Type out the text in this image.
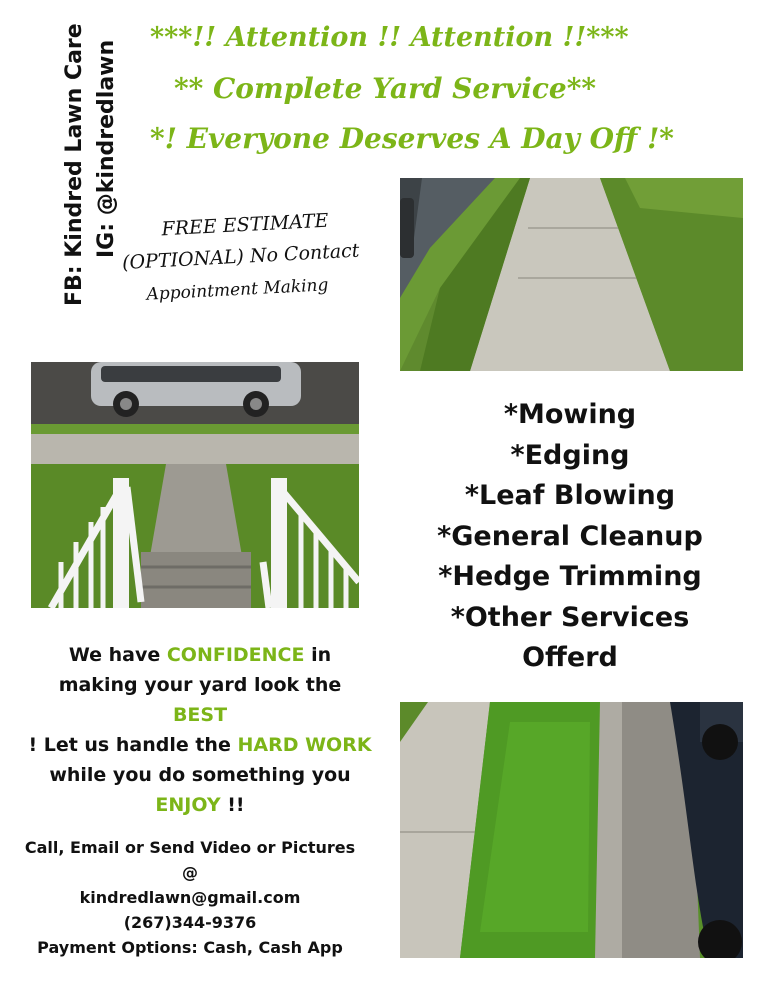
FB: Kindred Lawn Care IG: @kindredlawn
***!! Attention !! Attention !!***
** Complete Yard Service**
*! Everyone Deserves A Day Off !*
FREE ESTIMATE
(OPTIONAL) No Contact
Appointment Making
*Mowing
*Edging
*Leaf Blowing
*General Cleanup
*Hedge Trimming
*Other Services
Offerd
We have CONFIDENCE in
making your yard look the
BEST
! Let us handle the HARD WORK
while you do something you
ENJOY !!
Call, Email or Send Video or Pictures
@
kindredlawn@gmail.com
(267)344-9376
Payment Options: Cash, Cash App
